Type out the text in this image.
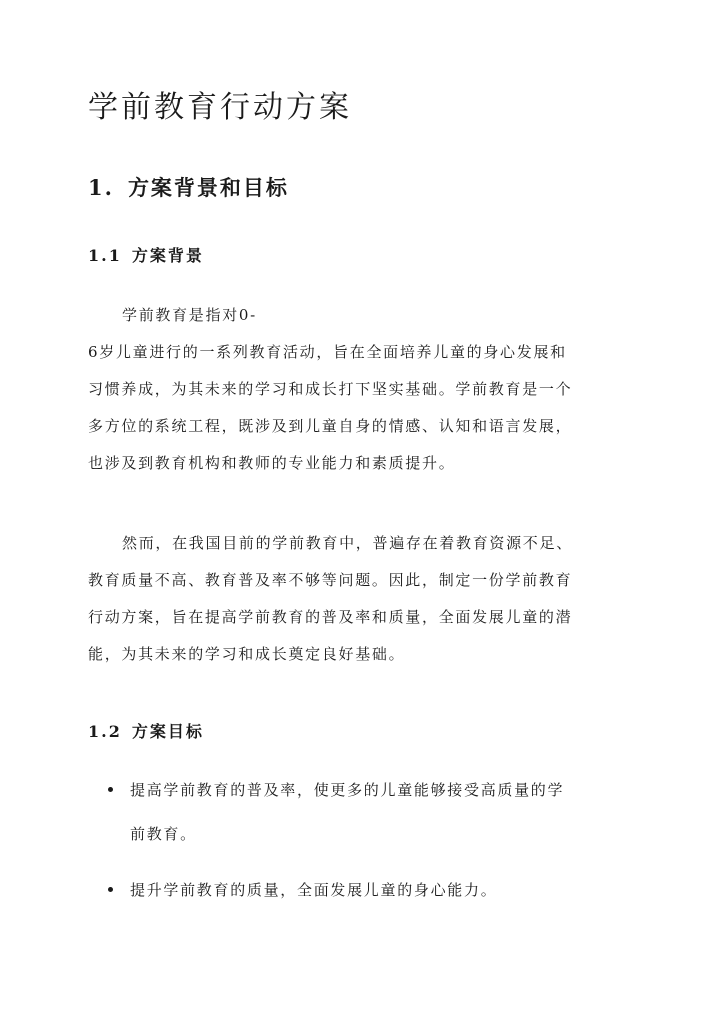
学前教育行动方案
1. 方案背景和目标
1.1 方案背景

学前教育是指对0-
6岁儿童进行的一系列教育活动，旨在全面培养儿童的身心发展和
习惯养成，为其未来的学习和成长打下坚实基础。学前教育是一个
多方位的系统工程，既涉及到儿童自身的情感、认知和语言发展，
也涉及到教育机构和教师的专业能力和素质提升。

然而，在我国目前的学前教育中，普遍存在着教育资源不足、
教育质量不高、教育普及率不够等问题。因此，制定一份学前教育
行动方案，旨在提高学前教育的普及率和质量，全面发展儿童的潜
能，为其未来的学习和成长奠定良好基础。

1.2 方案目标
提高学前教育的普及率，使更多的儿童能够接受高质量的学
前教育。
提升学前教育的质量，全面发展儿童的身心能力。
